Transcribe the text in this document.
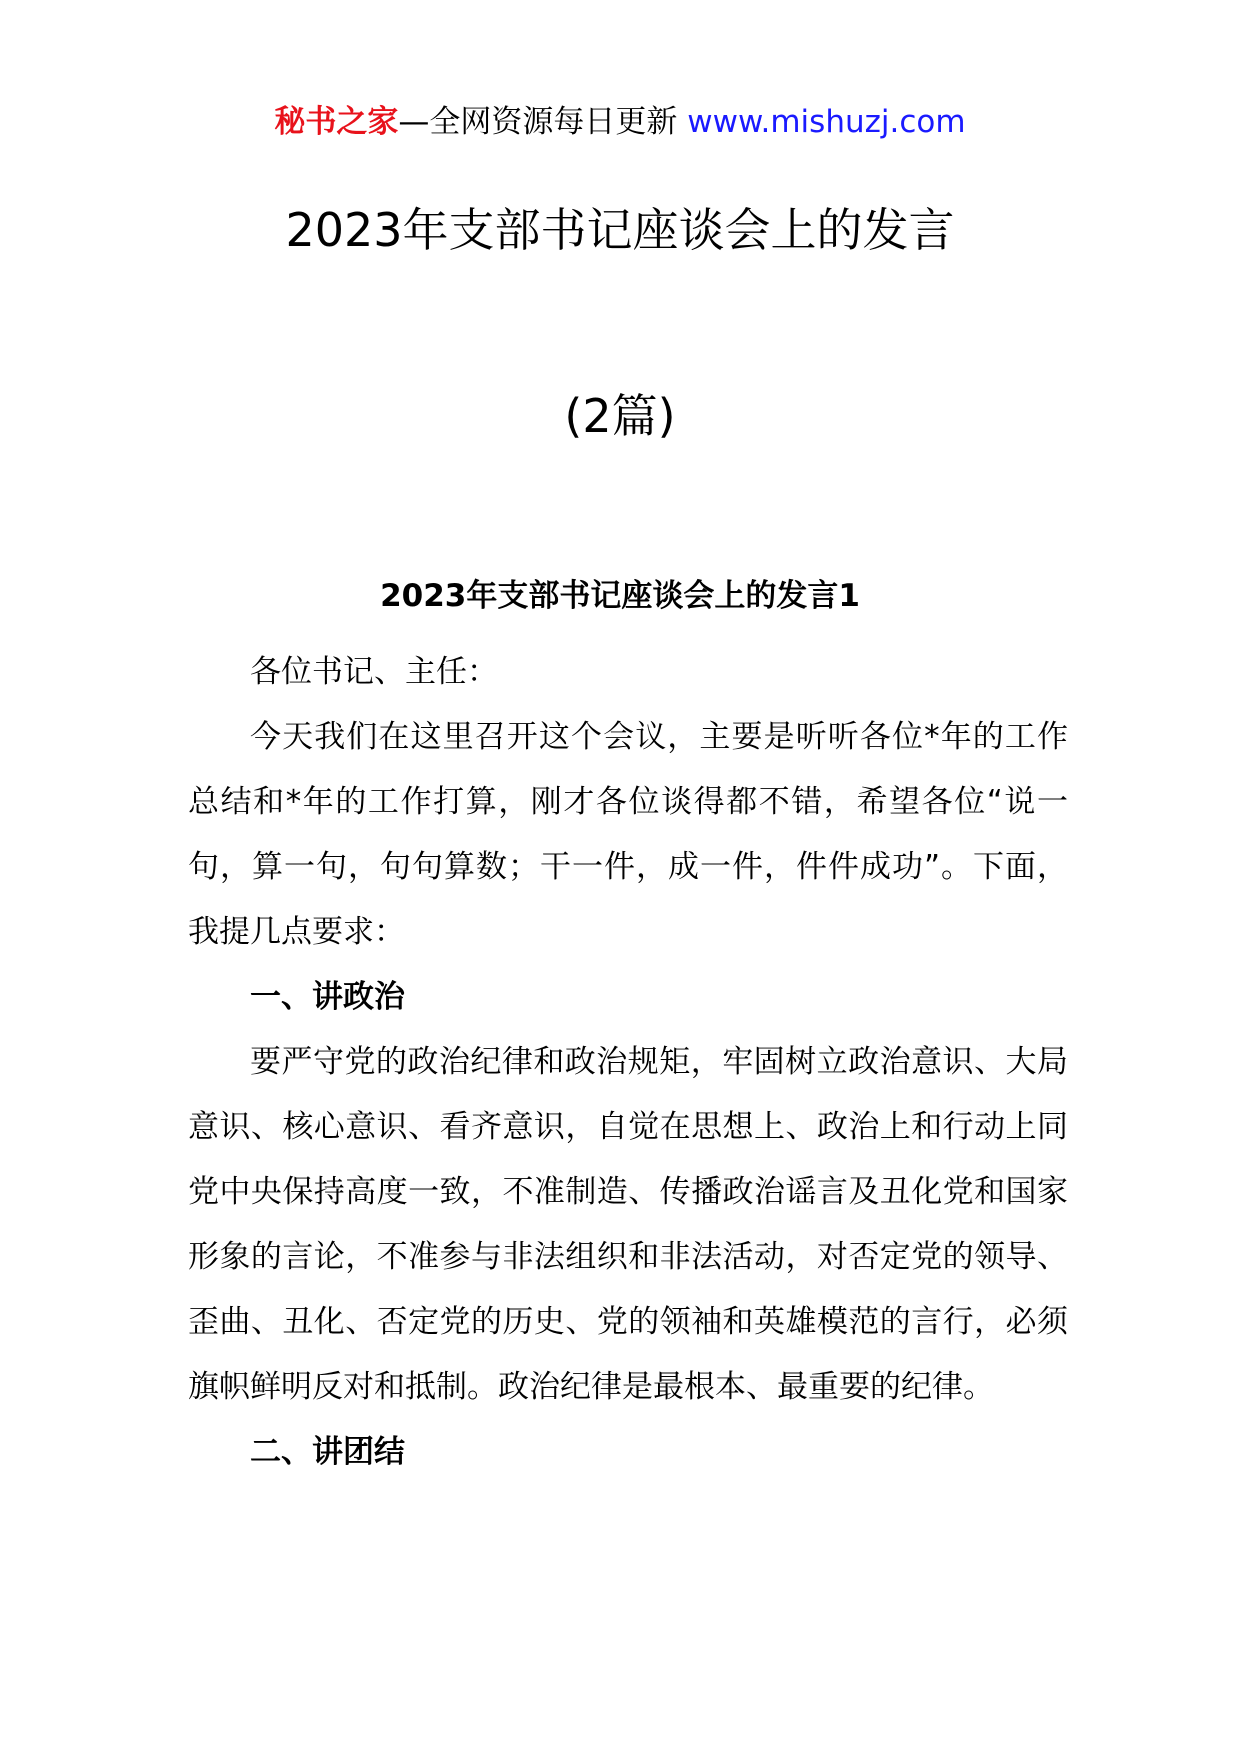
秘书之家—全网资源每日更新 www.mishuzj.com
2023年支部书记座谈会上的发言
(2篇)
2023年支部书记座谈会上的发言1

各位书记、主任：

今天我们在这里召开这个会议，主要是听听各位*年的工作总结和*年的工作打算，刚才各位谈得都不错，希望各位“说一句，算一句，句句算数；干一件，成一件，件件成功”。下面，我提几点要求：

一、讲政治

要严守党的政治纪律和政治规矩，牢固树立政治意识、大局意识、核心意识、看齐意识，自觉在思想上、政治上和行动上同党中央保持高度一致，不准制造、传播政治谣言及丑化党和国家形象的言论，不准参与非法组织和非法活动，对否定党的领导、歪曲、丑化、否定党的历史、党的领袖和英雄模范的言行，必须旗帜鲜明反对和抵制。政治纪律是最根本、最重要的纪律。

二、讲团结
